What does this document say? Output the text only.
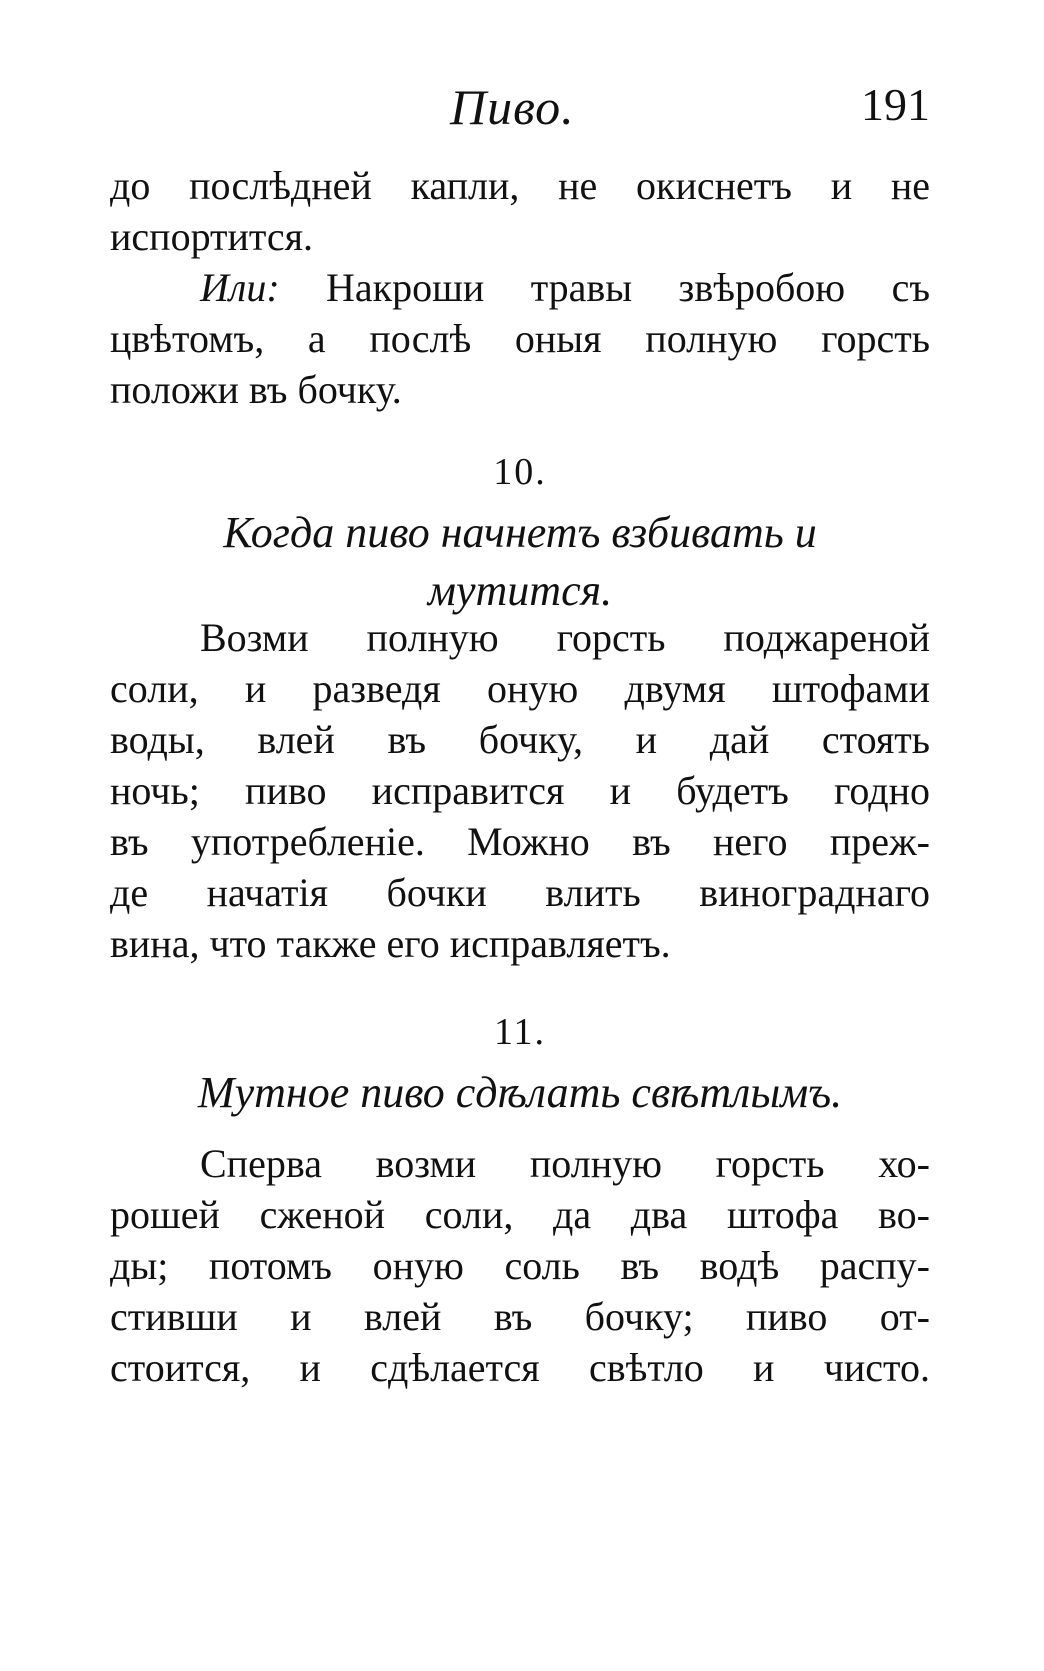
Пиво.	191
до послѣдней капли, не окиснетъ и не
испортится.
Или: Накроши травы звѣробою съ
цвѣтомъ, а послѣ оныя полную горсть
положи въ бочку.
10.
Когда пиво начнетъ взбивать и
мутится.
Возми полную горсть поджареной
соли, и разведя оную двумя штофами
воды, влей въ бочку, и дай стоять
ночь; пиво исправится и будетъ годно
въ употребленіе. Можно въ него преж-
де начатія бочки влить винограднаго
вина, что также его исправляетъ.
11.
Мутное пиво сдѣлать свѣтлымъ.
Сперва возми полную горсть хо-
рошей сженой соли, да два штофа во-
ды; потомъ оную соль въ водѣ распу-
стивши и влей въ бочку; пиво от-
стоится, и сдѣлается свѣтло и чисто.
